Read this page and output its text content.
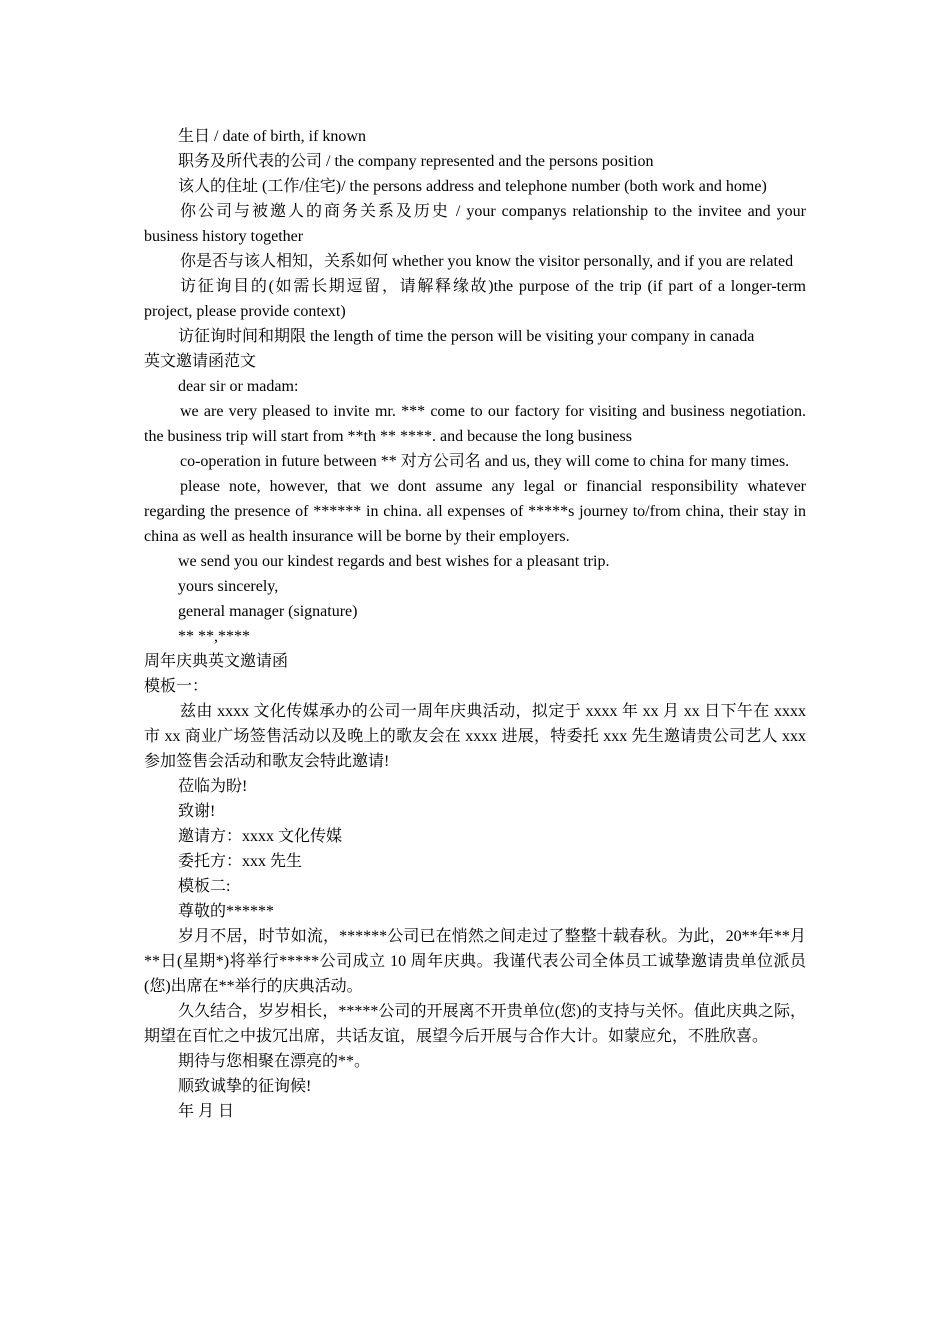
生日 / date of birth, if known

职务及所代表的公司 / the company represented and the persons position

该人的住址 (工作/住宅)/ the persons address and telephone number (both work and home)

你公司与被邀人的商务关系及历史 / your companys relationship to the invitee and your business history together

你是否与该人相知，关系如何 whether you know the visitor personally, and if you are related

访征询目的(如需长期逗留，请解释缘故)the purpose of the trip (if part of a longer-term project, please provide context)

访征询时间和期限 the length of time the person will be visiting your company in canada

英文邀请函范文

dear sir or madam:

we are very pleased to invite mr. *** come to our factory for visiting and business negotiation. the business trip will start from **th ** ****. and because the long business

co-operation in future between ** 对方公司名 and us, they will come to china for many times.

please note, however, that we dont assume any legal or financial responsibility whatever regarding the presence of ****** in china. all expenses of *****s journey to/from china, their stay in china as well as health insurance will be borne by their employers.

we send you our kindest regards and best wishes for a pleasant trip.

yours sincerely,

general manager (signature)

** **,****

周年庆典英文邀请函

模板一：

兹由 xxxx 文化传媒承办的公司一周年庆典活动，拟定于 xxxx 年 xx 月 xx 日下午在 xxxx 市 xx 商业广场签售活动以及晚上的歌友会在 xxxx 进展，特委托 xxx 先生邀请贵公司艺人 xxx 参加签售会活动和歌友会特此邀请!

莅临为盼!

致谢!

邀请方：xxxx 文化传媒

委托方：xxx 先生

模板二:

尊敬的******

岁月不居，时节如流，******公司已在悄然之间走过了整整十载春秋。为此，20**年**月**日(星期*)将举行*****公司成立 10 周年庆典。我谨代表公司全体员工诚挚邀请贵单位派员(您)出席在**举行的庆典活动。

久久结合，岁岁相长，*****公司的开展离不开贵单位(您)的支持与关怀。值此庆典之际，期望在百忙之中拔冗出席，共话友谊，展望今后开展与合作大计。如蒙应允，不胜欣喜。

期待与您相聚在漂亮的**。

顺致诚挚的征询候!

年 月 日
